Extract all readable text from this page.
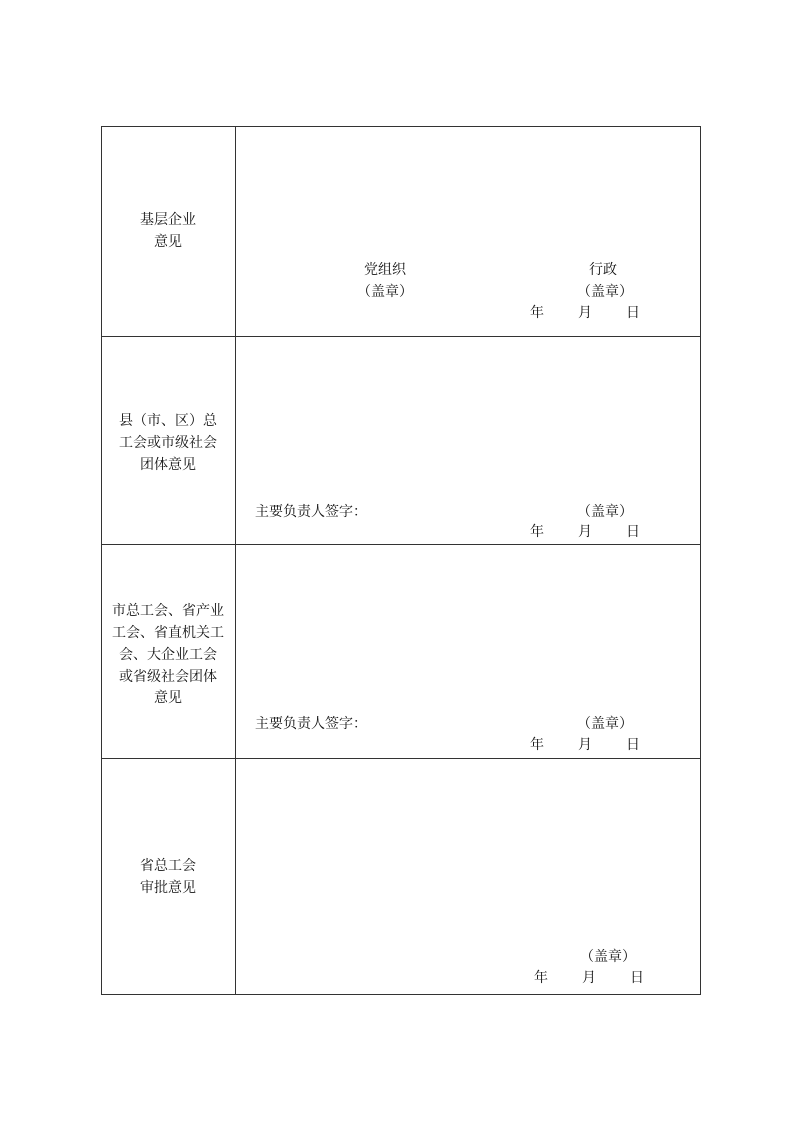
基层企业
意见
党组织
（盖章）
行政
（盖章）
年 月 日
县（市、区）总
工会或市级社会
团体意见
主要负责人签字：	（盖章）
年 月 日
市总工会、省产业
工会、省直机关工
会、大企业工会
或省级社会团体
意见
主要负责人签字：	（盖章）
年 月 日
省总工会
审批意见
（盖章）
年 月 日
